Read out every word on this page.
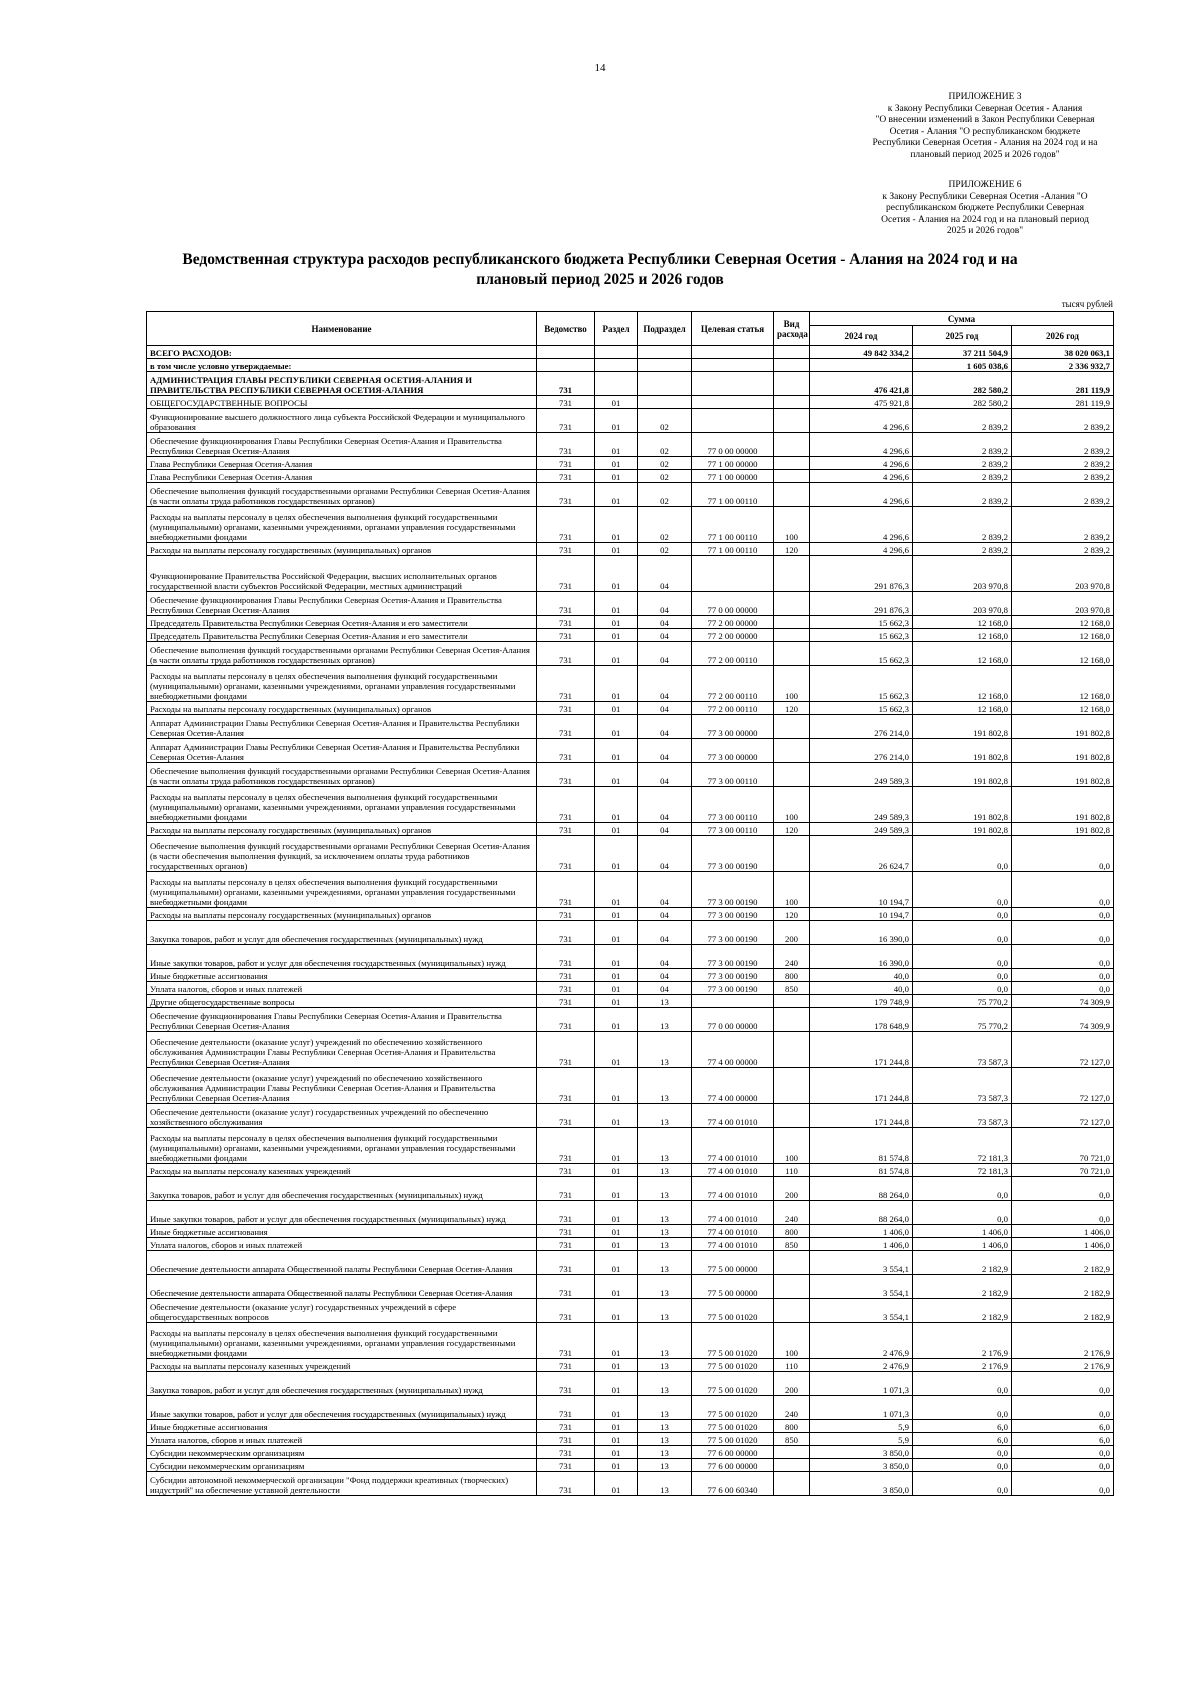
14
ПРИЛОЖЕНИЕ 3
к Закону Республики Северная Осетия - Алания
"О внесении изменений в Закон Республики Северная
Осетия - Алания "О республиканском бюджете
Республики Северная Осетия - Алания на 2024 год и на
плановый период 2025 и 2026 годов"
ПРИЛОЖЕНИЕ 6
к Закону Республики Северная Осетия -Алания "О
республиканском бюджете Республики Северная
Осетия - Алания на 2024 год и на плановый период
2025 и 2026 годов"
Ведомственная структура расходов республиканского бюджета Республики Северная Осетия - Алания на 2024 год и на
плановый период 2025 и 2026 годов
тысяч рублей
Наименование	Ведомство	Раздел	Подраздел	Целевая статья	Вид расхода	Сумма		
						2024 год	2025 год	2026 год
ВСЕГО РАСХОДОВ:						49 842 334,2	37 211 504,9	38 020 063,1
в том числе условно утверждаемые:							1 605 038,6	2 336 932,7
АДМИНИСТРАЦИЯ ГЛАВЫ РЕСПУБЛИКИ СЕВЕРНАЯ ОСЕТИЯ-АЛАНИЯ И ПРАВИТЕЛЬСТВА РЕСПУБЛИКИ СЕВЕРНАЯ ОСЕТИЯ-АЛАНИЯ	731					476 421,8	282 580,2	281 119,9
ОБЩЕГОСУДАРСТВЕННЫЕ ВОПРОСЫ	731	01				475 921,8	282 580,2	281 119,9
Функционирование высшего должностного лица субъекта Российской Федерации и муниципального образования	731	01	02			4 296,6	2 839,2	2 839,2
Обеспечение функционирования Главы Республики Северная Осетия-Алания и Правительства Республики Северная Осетия-Алания	731	01	02	77 0 00 00000		4 296,6	2 839,2	2 839,2
Глава Республики Северная Осетия-Алания	731	01	02	77 1 00 00000		4 296,6	2 839,2	2 839,2
Глава Республики Северная Осетия-Алания	731	01	02	77 1 00 00000		4 296,6	2 839,2	2 839,2
Обеспечение выполнения функций государственными органами Республики Северная Осетия-Алания (в части оплаты труда работников государственных органов)	731	01	02	77 1 00 00110		4 296,6	2 839,2	2 839,2
Расходы на выплаты персоналу в целях обеспечения выполнения функций государственными (муниципальными) органами, казенными учреждениями, органами управления государственными внебюджетными фондами	731	01	02	77 1 00 00110	100	4 296,6	2 839,2	2 839,2
Расходы на выплаты персоналу государственных (муниципальных) органов	731	01	02	77 1 00 00110	120	4 296,6	2 839,2	2 839,2
Функционирование Правительства Российской Федерации, высших исполнительных органов государственной власти субъектов Российской Федерации, местных администраций	731	01	04			291 876,3	203 970,8	203 970,8
Обеспечение функционирования Главы Республики Северная Осетия-Алания и Правительства Республики Северная Осетия-Алания	731	01	04	77 0 00 00000		291 876,3	203 970,8	203 970,8
Председатель Правительства Республики Северная Осетия-Алания и его заместители	731	01	04	77 2 00 00000		15 662,3	12 168,0	12 168,0
Председатель Правительства Республики Северная Осетия-Алания и его заместители	731	01	04	77 2 00 00000		15 662,3	12 168,0	12 168,0
Обеспечение выполнения функций государственными органами Республики Северная Осетия-Алания (в части оплаты труда работников государственных органов)	731	01	04	77 2 00 00110		15 662,3	12 168,0	12 168,0
Расходы на выплаты персоналу в целях обеспечения выполнения функций государственными (муниципальными) органами, казенными учреждениями, органами управления государственными внебюджетными фондами	731	01	04	77 2 00 00110	100	15 662,3	12 168,0	12 168,0
Расходы на выплаты персоналу государственных (муниципальных) органов	731	01	04	77 2 00 00110	120	15 662,3	12 168,0	12 168,0
Аппарат Администрации Главы Республики Северная Осетия-Алания и Правительства Республики Северная Осетия-Алания	731	01	04	77 3 00 00000		276 214,0	191 802,8	191 802,8
Аппарат Администрации Главы Республики Северная Осетия-Алания и Правительства Республики Северная Осетия-Алания	731	01	04	77 3 00 00000		276 214,0	191 802,8	191 802,8
Обеспечение выполнения функций государственными органами Республики Северная Осетия-Алания (в части оплаты труда работников государственных органов)	731	01	04	77 3 00 00110		249 589,3	191 802,8	191 802,8
Расходы на выплаты персоналу в целях обеспечения выполнения функций государственными (муниципальными) органами, казенными учреждениями, органами управления государственными внебюджетными фондами	731	01	04	77 3 00 00110	100	249 589,3	191 802,8	191 802,8
Расходы на выплаты персоналу государственных (муниципальных) органов	731	01	04	77 3 00 00110	120	249 589,3	191 802,8	191 802,8
Обеспечение выполнения функций государственными органами Республики Северная Осетия-Алания (в части обеспечения выполнения функций, за исключением оплаты труда работников государственных органов)	731	01	04	77 3 00 00190		26 624,7	0,0	0,0
Расходы на выплаты персоналу в целях обеспечения выполнения функций государственными (муниципальными) органами, казенными учреждениями, органами управления государственными внебюджетными фондами	731	01	04	77 3 00 00190	100	10 194,7	0,0	0,0
Расходы на выплаты персоналу государственных (муниципальных) органов	731	01	04	77 3 00 00190	120	10 194,7	0,0	0,0
Закупка товаров, работ и услуг для обеспечения государственных (муниципальных) нужд	731	01	04	77 3 00 00190	200	16 390,0	0,0	0,0
Иные закупки товаров, работ и услуг для обеспечения государственных (муниципальных) нужд	731	01	04	77 3 00 00190	240	16 390,0	0,0	0,0
Иные бюджетные ассигнования	731	01	04	77 3 00 00190	800	40,0	0,0	0,0
Уплата налогов, сборов и иных платежей	731	01	04	77 3 00 00190	850	40,0	0,0	0,0
Другие общегосударственные вопросы	731	01	13			179 748,9	75 770,2	74 309,9
Обеспечение функционирования Главы Республики Северная Осетия-Алания и Правительства Республики Северная Осетия-Алания	731	01	13	77 0 00 00000		178 648,9	75 770,2	74 309,9
Обеспечение деятельности (оказание услуг) учреждений по обеспечению хозяйственного обслуживания Администрации Главы Республики Северная Осетия-Алания и Правительства Республики Северная Осетия-Алания	731	01	13	77 4 00 00000		171 244,8	73 587,3	72 127,0
Обеспечение деятельности (оказание услуг) учреждений по обеспечению хозяйственного обслуживания Администрации Главы Республики Северная Осетия-Алания и Правительства Республики Северная Осетия-Алания	731	01	13	77 4 00 00000		171 244,8	73 587,3	72 127,0
Обеспечение деятельности (оказание услуг) государственных учреждений по обеспечению хозяйственного обслуживания	731	01	13	77 4 00 01010		171 244,8	73 587,3	72 127,0
Расходы на выплаты персоналу в целях обеспечения выполнения функций государственными (муниципальными) органами, казенными учреждениями, органами управления государственными внебюджетными фондами	731	01	13	77 4 00 01010	100	81 574,8	72 181,3	70 721,0
Расходы на выплаты персоналу казенных учреждений	731	01	13	77 4 00 01010	110	81 574,8	72 181,3	70 721,0
Закупка товаров, работ и услуг для обеспечения государственных (муниципальных) нужд	731	01	13	77 4 00 01010	200	88 264,0	0,0	0,0
Иные закупки товаров, работ и услуг для обеспечения государственных (муниципальных) нужд	731	01	13	77 4 00 01010	240	88 264,0	0,0	0,0
Иные бюджетные ассигнования	731	01	13	77 4 00 01010	800	1 406,0	1 406,0	1 406,0
Уплата налогов, сборов и иных платежей	731	01	13	77 4 00 01010	850	1 406,0	1 406,0	1 406,0
Обеспечение деятельности аппарата Общественной палаты Республики Северная Осетия-Алания	731	01	13	77 5 00 00000		3 554,1	2 182,9	2 182,9
Обеспечение деятельности аппарата Общественной палаты Республики Северная Осетия-Алания	731	01	13	77 5 00 00000		3 554,1	2 182,9	2 182,9
Обеспечение деятельности (оказание услуг) государственных учреждений в сфере общегосударственных вопросов	731	01	13	77 5 00 01020		3 554,1	2 182,9	2 182,9
Расходы на выплаты персоналу в целях обеспечения выполнения функций государственными (муниципальными) органами, казенными учреждениями, органами управления государственными внебюджетными фондами	731	01	13	77 5 00 01020	100	2 476,9	2 176,9	2 176,9
Расходы на выплаты персоналу казенных учреждений	731	01	13	77 5 00 01020	110	2 476,9	2 176,9	2 176,9
Закупка товаров, работ и услуг для обеспечения государственных (муниципальных) нужд	731	01	13	77 5 00 01020	200	1 071,3	0,0	0,0
Иные закупки товаров, работ и услуг для обеспечения государственных (муниципальных) нужд	731	01	13	77 5 00 01020	240	1 071,3	0,0	0,0
Иные бюджетные ассигнования	731	01	13	77 5 00 01020	800	5,9	6,0	6,0
Уплата налогов, сборов и иных платежей	731	01	13	77 5 00 01020	850	5,9	6,0	6,0
Субсидии некоммерческим организациям	731	01	13	77 6 00 00000		3 850,0	0,0	0,0
Субсидии некоммерческим организациям	731	01	13	77 6 00 00000		3 850,0	0,0	0,0
Субсидии автономной некоммерческой организации "Фонд поддержки креативных (творческих) индустрий" на обеспечение уставной деятельности	731	01	13	77 6 00 60340		3 850,0	0,0	0,0
